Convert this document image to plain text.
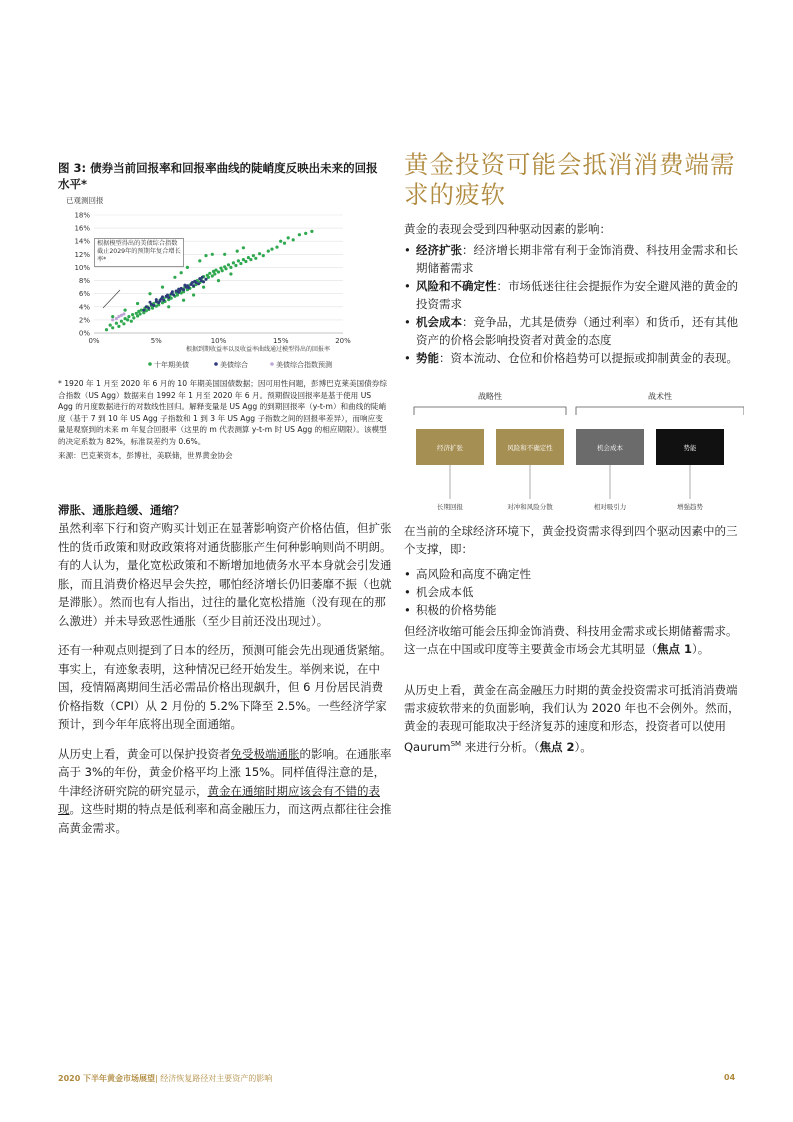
图 3: 债券当前回报率和回报率曲线的陡峭度反映出未来的回报水平*

已观测回报
0%
2%
4%
6%
8%
10%
12%
14%
16%
18%
0%	5%	10%	15%	20%
根据模型得出的美债综合指数截止2029年的预期年复合增长率*
根据到期收益率以及收益率曲线通过模型得出的回报率
十年期美债	美债综合	美债综合指数预测

* 1920 年 1 月至 2020 年 6 月的 10 年期美国国债数据；因可用性问题，彭博巴克莱美国债券综合指数（US Agg）数据来自 1992 年 1 月至 2020 年 6 月。预期假设回报率是基于使用 US Agg 的月度数据进行的对数线性回归。解释变量是 US Agg 的到期回报率（y-t-m）和曲线的陡峭度（基于 7 到 10 年 US Agg 子指数和 1 到 3 年 US Agg 子指数之间的回报率差异），而响应变量是观察到的未来 m 年复合回报率（这里的 m 代表测算 y-t-m 时 US Agg 的相应期限）。该模型的决定系数为 82%，标准误差约为 0.6%。

来源：巴克莱资本，彭博社，美联储，世界黄金协会

滞胀、通胀趋缓、通缩？

虽然利率下行和资产购买计划正在显著影响资产价格估值，但扩张性的货币政策和财政政策将对通货膨胀产生何种影响则尚不明朗。有的人认为，量化宽松政策和不断增加地债务水平本身就会引发通胀，而且消费价格迟早会失控，哪怕经济增长仍旧萎靡不振（也就是滞胀）。然而也有人指出，过往的量化宽松措施（没有现在的那么激进）并未导致恶性通胀（至少目前还没出现过）。

还有一种观点则提到了日本的经历，预测可能会先出现通货紧缩。事实上，有迹象表明，这种情况已经开始发生。举例来说，在中国，疫情隔离期间生活必需品价格出现飙升，但 6 月份居民消费价格指数（CPI）从 2 月份的 5.2%下降至 2.5%。一些经济学家预计，到今年年底将出现全面通缩。

从历史上看，黄金可以保护投资者免受极端通胀的影响。在通胀率高于 3%的年份，黄金价格平均上涨 15%。同样值得注意的是，牛津经济研究院的研究显示，黄金在通缩时期应该会有不错的表现。这些时期的特点是低利率和高金融压力，而这两点都往往会推高黄金需求。

黄金投资可能会抵消消费端需求的疲软

黄金的表现会受到四种驱动因素的影响：

• 经济扩张：经济增长期非常有利于金饰消费、科技用金需求和长期储蓄需求
• 风险和不确定性：市场低迷往往会提振作为安全避风港的黄金的投资需求
• 机会成本：竞争品，尤其是债券（通过利率）和货币，还有其他资产的价格会影响投资者对黄金的态度
• 势能：资本流动、仓位和价格趋势可以提振或抑制黄金的表现。
战略性	战术性
经济扩张	风险和不确定性	机会成本	势能
长期回报	对冲和风险分散	相对吸引力	增强趋势

在当前的全球经济环境下，黄金投资需求得到四个驱动因素中的三个支撑，即：

• 高风险和高度不确定性
• 机会成本低
• 积极的价格势能

但经济收缩可能会压抑金饰消费、科技用金需求或长期储蓄需求。这一点在中国或印度等主要黄金市场会尤其明显（焦点 1）。

从历史上看，黄金在高金融压力时期的黄金投资需求可抵消消费端需求疲软带来的负面影响，我们认为 2020 年也不会例外。然而，黄金的表现可能取决于经济复苏的速度和形态，投资者可以使用 Qaurum℠ 来进行分析。（焦点 2）。

2020 下半年黄金市场展望| 经济恢复路径对主要资产的影响	04
